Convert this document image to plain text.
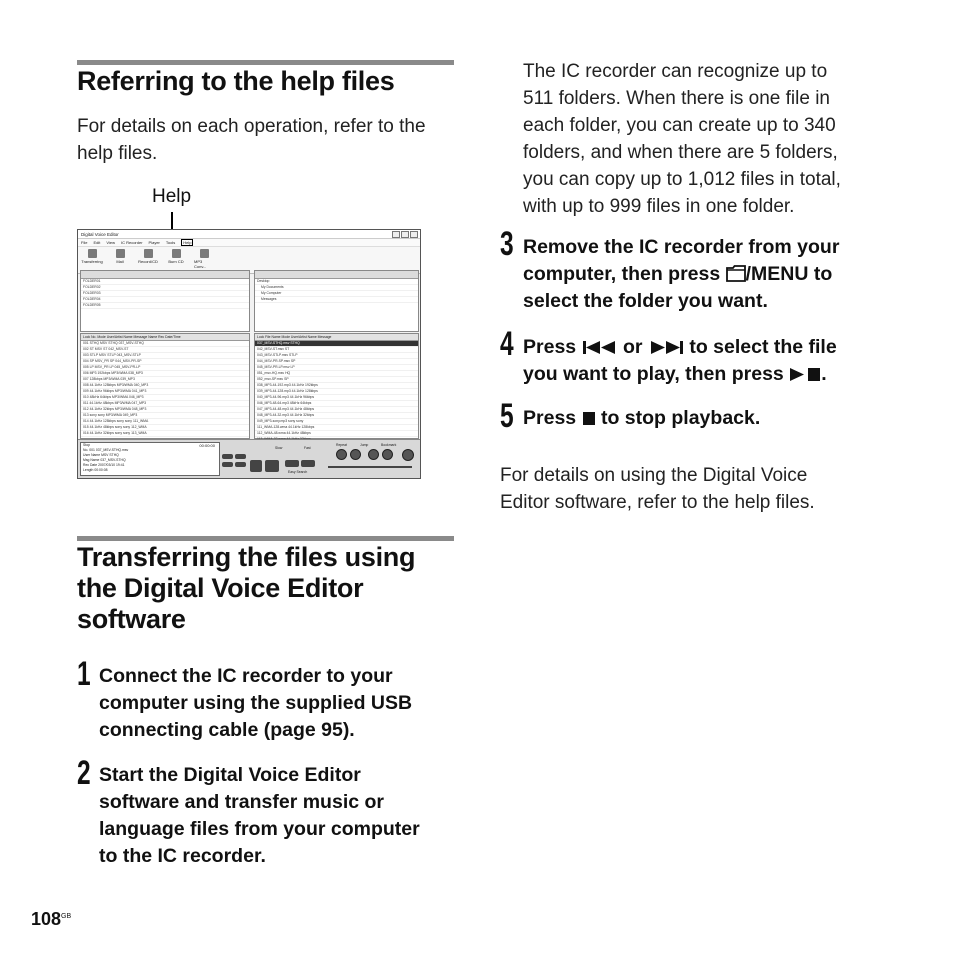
Referring to the help files

For details on each operation, refer to the

help files.

Help

Digital Voice Editor
File Edit View IC Recorder Player Tools	Help
Transferring	Mail	Record/CD	Burn CD	MP3 Conv...
FOLDER01
FOLDER02
FOLDER03
FOLDER04
FOLDER05
Desktop
My Documents
My Computer
Messages
Lock No. Mode User/Artist Name Message Name Rec Date/Time
001 STHQ MSV STHQ 037_MSV-STHQ
002 ST MSV ST 042_MSV-ST
003 STLP MSV STLP 043_MSV-STLP
004 SP MSV_PR SP 044_MSV-PR-SP
005 LP MSV_PR LP 045_MSV-PR-LP
006 MP3 192kbps MP3/WMA 038_MP3
007 128kbps MP3/WMA 039_MP3
008 44.1kHz 128kbps MP3/WMA 040_MP3
009 44.1kHz 96kbps MP3/WMA 041_MP3
010 48kHz 64kbps MP3/WMA 046_MP3
011 44.1kHz 48kbps MP3/WMA 047_MP3
012 44.1kHz 32kbps MP3/WMA 048_MP3
013 sony sony MP3/WMA 049_MP3
014 44.1kHz 128kbps sony sony 111_WMA
015 44.1kHz 48kbps sony sony 112_WMA
016 44.1kHz 32kbps sony sony 113_WMA
Lock File Name Mode User/Artist Name Message
037_MSV-STHQ.msv STHQ
042_MSV-ST.msv ST
043_MSV-STLP.msv STLP
044_MSV-PR-SP.msv SP
045_MSV-PR-LP.msv LP
051_msv-HQ.msv HQ
052_msv-SP.msv SP
038_MP3-44-192.mp3 44.1kHz 192kbps
039_MP3-44-128.mp3 44.1kHz 128kbps
040_MP3-44-96.mp3 44.1kHz 96kbps
046_MP3-48-64.mp3 48kHz 64kbps
047_MP3-44-48.mp3 44.1kHz 48kbps
048_MP3-44-32.mp3 44.1kHz 32kbps
049_MP3-sony.mp3 sony sony
111_WMA-128.wma 44.1kHz 128kbps
112_WMA-48.wma 44.1kHz 48kbps
Stop	00:00:00
No. 001 037_MSV-STHQ.msv
User Name MSV STHQ
Msg Name 037_MSV-STHQ
Rec Date 2007/03/10 19:41
Length 00:00:08	Easy Search
Slow	Fast
Repeat	Jump	Bookmark
Transferring the files using
the Digital Voice Editor
software
1 Connect the IC recorder to your

computer using the supplied USB

connecting cable (page 95).

2 Start the Digital Voice Editor

software and transfer music or

language files from your computer

to the IC recorder.

$108^{GB}$

The IC recorder can recognize up to

511 folders. When there is one file in

each folder, you can create up to 340

folders, and when there are 5 folders,

you can copy up to 1,012 files in total,

with up to 999 files in one folder.

3 Remove the IC recorder from your

computer, then press /MENU to

select the folder you want.

4 Press  or  to select the file

you want to play, then press .

5 Press  to stop playback.

For details on using the Digital Voice

Editor software, refer to the help files.
